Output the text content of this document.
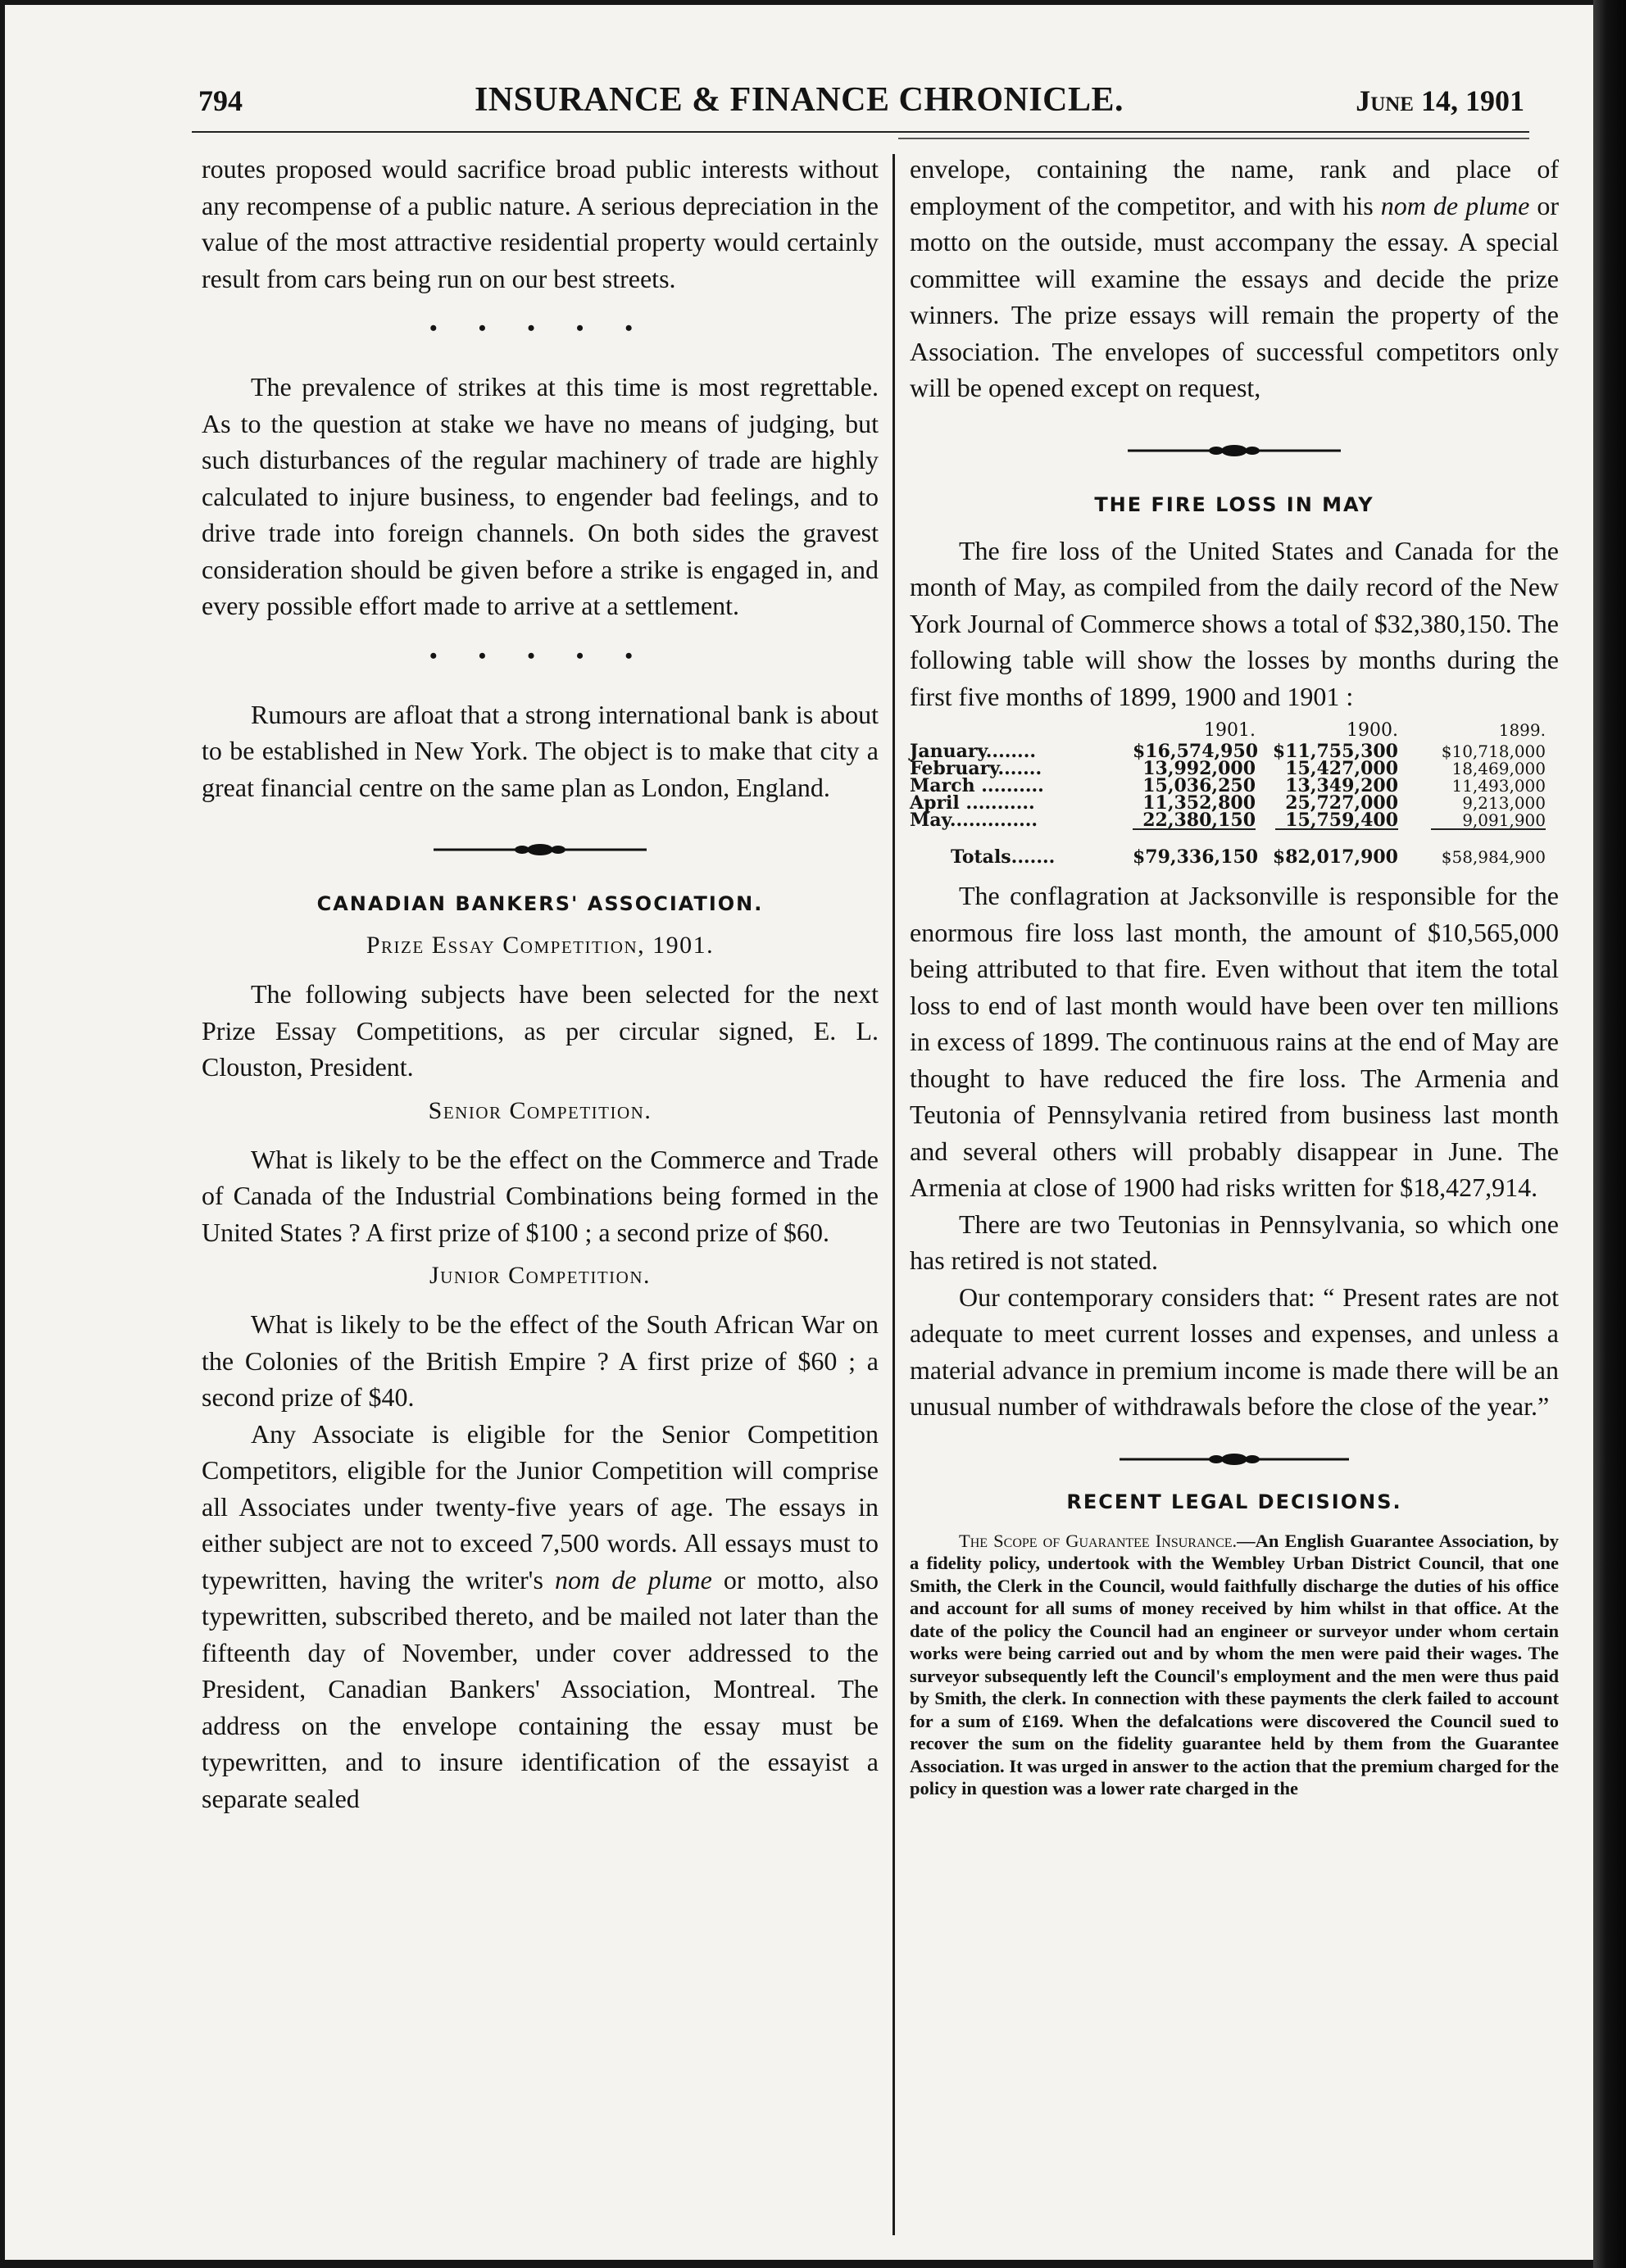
794	INSURANCE & FINANCE CHRONICLE.	June 14, 1901

routes proposed would sacrifice broad public interests without any recompense of a public nature. A serious depreciation in the value of the most attractive residential property would certainly result from cars being run on our best streets.

• • • • •

The prevalence of strikes at this time is most regrettable. As to the question at stake we have no means of judging, but such disturbances of the regular machinery of trade are highly calculated to injure business, to engender bad feelings, and to drive trade into foreign channels. On both sides the gravest consideration should be given before a strike is engaged in, and every possible effort made to arrive at a settlement.

• • • • •

Rumours are afloat that a strong international bank is about to be established in New York. The object is to make that city a great financial centre on the same plan as London, England.

CANADIAN BANKERS' ASSOCIATION.
Prize Essay Competition, 1901.

The following subjects have been selected for the next Prize Essay Competitions, as per circular signed, E. L. Clouston, President.

Senior Competition.

What is likely to be the effect on the Commerce and Trade of Canada of the Industrial Combinations being formed in the United States ? A first prize of $100 ; a second prize of $60.

Junior Competition.

What is likely to be the effect of the South African War on the Colonies of the British Empire ? A first prize of $60 ; a second prize of $40.

Any Associate is eligible for the Senior Competition Competitors, eligible for the Junior Competition will comprise all Associates under twenty-five years of age. The essays in either subject are not to exceed 7,500 words. All essays must to typewritten, having the writer's nom de plume or motto, also typewritten, subscribed thereto, and be mailed not later than the fifteenth day of November, under cover addressed to the President, Canadian Bankers' Association, Montreal. The address on the envelope containing the essay must be typewritten, and to insure identification of the essayist a separate sealed

envelope, containing the name, rank and place of employment of the competitor, and with his nom de plume or motto on the outside, must accompany the essay. A special committee will examine the essays and decide the prize winners. The prize essays will remain the property of the Association. The envelopes of successful competitors only will be opened except on request,

THE FIRE LOSS IN MAY

The fire loss of the United States and Canada for the month of May, as compiled from the daily record of the New York Journal of Commerce shows a total of $32,380,150. The following table will show the losses by months during the first five months of 1899, 1900 and 1901 :

1901.	1900.	1899.
January........	$16,574,950 $11,755,300	$10,718,000
February.......	13,992,000	15,427,000	18,469,000
March ..........	15,036,250	13,349,200	11,493,000
April ...........	11,352,800	25,727,000	9,213,000
May..............	22,380,150	15,759,400	9,091,900
Totals.......	$79,336,150 $82,017,900	$58,984,900

The conflagration at Jacksonville is responsible for the enormous fire loss last month, the amount of $10,565,000 being attributed to that fire. Even without that item the total loss to end of last month would have been over ten millions in excess of 1899. The continuous rains at the end of May are thought to have reduced the fire loss. The Armenia and Teutonia of Pennsylvania retired from business last month and several others will probably disappear in June. The Armenia at close of 1900 had risks written for $18,427,914.

There are two Teutonias in Pennsylvania, so which one has retired is not stated.

Our contemporary considers that: “ Present rates are not adequate to meet current losses and expenses, and unless a material advance in premium income is made there will be an unusual number of withdrawals before the close of the year.”

RECENT LEGAL DECISIONS.

The Scope of Guarantee Insurance.—An English Guarantee Association, by a fidelity policy, undertook with the Wembley Urban District Council, that one Smith, the Clerk in the Council, would faithfully discharge the duties of his office and account for all sums of money received by him whilst in that office. At the date of the policy the Council had an engineer or surveyor under whom certain works were being carried out and by whom the men were paid their wages. The surveyor subsequently left the Council's employment and the men were thus paid by Smith, the clerk. In connection with these payments the clerk failed to account for a sum of £169. When the defalcations were discovered the Council sued to recover the sum on the fidelity guarantee held by them from the Guarantee Association. It was urged in answer to the action that the premium charged for the policy in question was a lower rate charged in the
